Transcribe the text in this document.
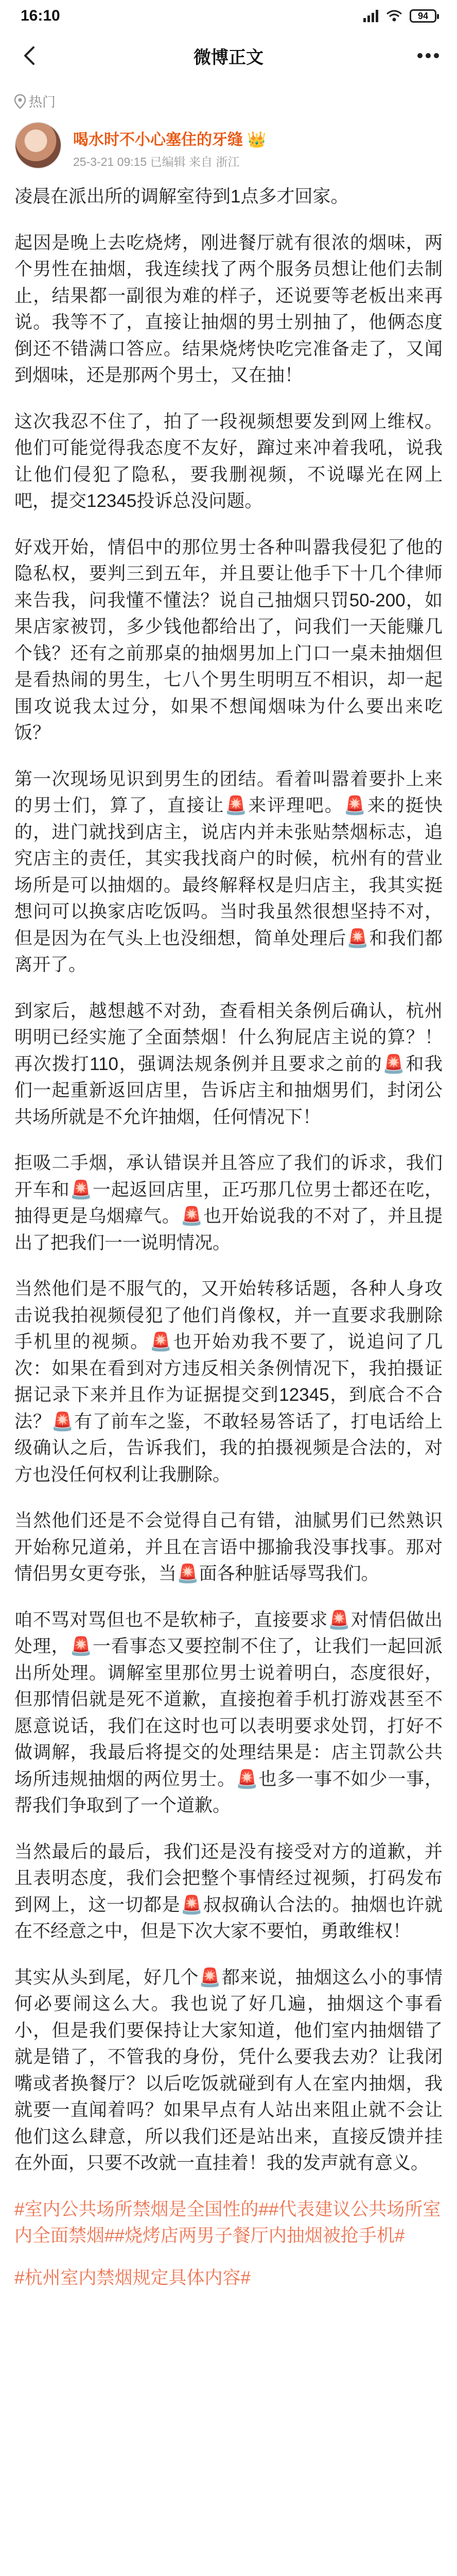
16:10	94
微博正文
热门
喝水时不小心塞住的牙缝 👑
25-3-21 09:15 已编辑 来自 浙江

凌晨在派出所的调解室待到1点多才回家。

起因是晚上去吃烧烤，刚进餐厅就有很浓的烟味，两个男性在抽烟，我连续找了两个服务员想让他们去制止，结果都一副很为难的样子，还说要等老板出来再说。我等不了，直接让抽烟的男士别抽了，他俩态度倒还不错满口答应。结果烧烤快吃完准备走了，又闻到烟味，还是那两个男士，又在抽！

这次我忍不住了，拍了一段视频想要发到网上维权。他们可能觉得我态度不友好，蹿过来冲着我吼，说我让他们侵犯了隐私，要我删视频，不说曝光在网上吧，提交12345投诉总没问题。

好戏开始，情侣中的那位男士各种叫嚣我侵犯了他的隐私权，要判三到五年，并且要让他手下十几个律师来告我，问我懂不懂法？说自己抽烟只罚50-200，如果店家被罚，多少钱他都给出了，问我们一天能赚几个钱？还有之前那桌的抽烟男加上门口一桌未抽烟但是看热闹的男生，七八个男生明明互不相识，却一起围攻说我太过分，如果不想闻烟味为什么要出来吃饭？

第一次现场见识到男生的团结。看着叫嚣着要扑上来的男士们，算了，直接让🚨来评理吧。🚨来的挺快的，进门就找到店主，说店内并未张贴禁烟标志，追究店主的责任，其实我找商户的时候，杭州有的营业场所是可以抽烟的。最终解释权是归店主，我其实挺想问可以换家店吃饭吗。当时我虽然很想坚持不对，但是因为在气头上也没细想，简单处理后🚨和我们都离开了。

到家后，越想越不对劲，查看相关条例后确认，杭州明明已经实施了全面禁烟！什么狗屁店主说的算？！再次拨打110，强调法规条例并且要求之前的🚨和我们一起重新返回店里，告诉店主和抽烟男们，封闭公共场所就是不允许抽烟，任何情况下！

拒吸二手烟，承认错误并且答应了我们的诉求，我们开车和🚨一起返回店里，正巧那几位男士都还在吃，抽得更是乌烟瘴气。🚨也开始说我的不对了，并且提出了把我们一一说明情况。

当然他们是不服气的，又开始转移话题，各种人身攻击说我拍视频侵犯了他们肖像权，并一直要求我删除手机里的视频。🚨也开始劝我不要了，说追问了几次：如果在看到对方违反相关条例情况下，我拍摄证据记录下来并且作为证据提交到12345，到底合不合法？🚨有了前车之鉴，不敢轻易答话了，打电话给上级确认之后，告诉我们，我的拍摄视频是合法的，对方也没任何权利让我删除。

当然他们还是不会觉得自己有错，油腻男们已然熟识开始称兄道弟，并且在言语中挪揄我没事找事。那对情侣男女更夸张，当🚨面各种脏话辱骂我们。

咱不骂对骂但也不是软柿子，直接要求🚨对情侣做出处理，🚨一看事态又要控制不住了，让我们一起回派出所处理。调解室里那位男士说着明白，态度很好，但那情侣就是死不道歉，直接抱着手机打游戏甚至不愿意说话，我们在这时也可以表明要求处罚，打好不做调解，我最后将提交的处理结果是：店主罚款公共场所违规抽烟的两位男士。🚨也多一事不如少一事，帮我们争取到了一个道歉。

当然最后的最后，我们还是没有接受对方的道歉，并且表明态度，我们会把整个事情经过视频，打码发布到网上，这一切都是🚨叔叔确认合法的。抽烟也许就在不经意之中，但是下次大家不要怕，勇敢维权！

其实从头到尾，好几个🚨都来说，抽烟这么小的事情何必要闹这么大。我也说了好几遍，抽烟这个事看小，但是我们要保持让大家知道，他们室内抽烟错了就是错了，不管我的身份，凭什么要我去劝？让我闭嘴或者换餐厅？以后吃饭就碰到有人在室内抽烟，我就要一直闻着吗？如果早点有人站出来阻止就不会让他们这么肆意，所以我们还是站出来，直接反馈并挂在外面，只要不改就一直挂着！我的发声就有意义。

#室内公共场所禁烟是全国性的##代表建议公共场所室内全面禁烟##烧烤店两男子餐厅内抽烟被抢手机#

#杭州室内禁烟规定具体内容#
